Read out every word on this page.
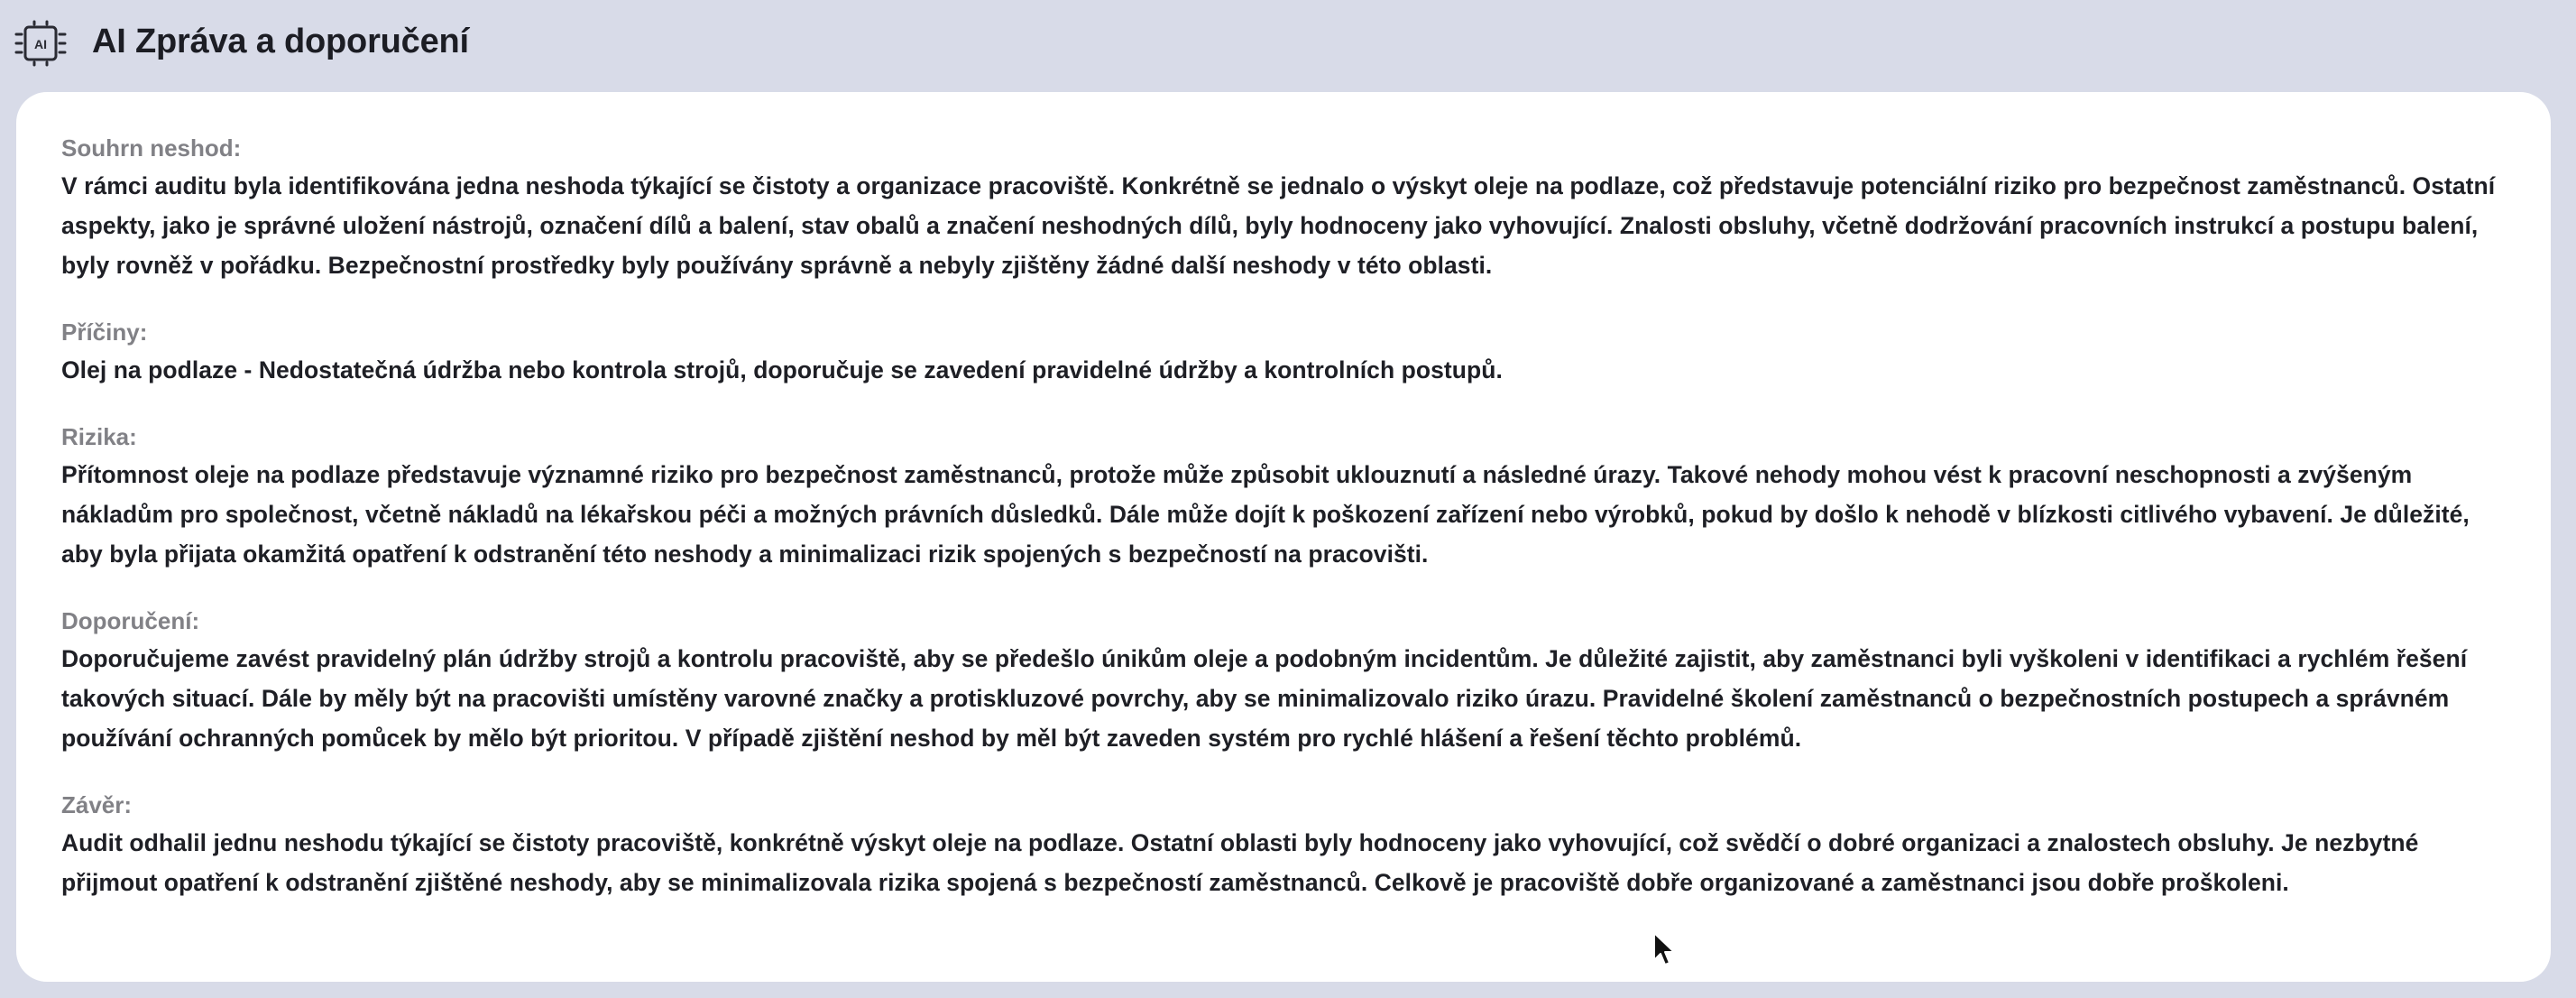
AI AI Zpráva a doporučení

Souhrn neshod:

V rámci auditu byla identifikována jedna neshoda týkající se čistoty a organizace pracoviště. Konkrétně se jednalo o výskyt oleje na podlaze, což představuje potenciální riziko pro bezpečnost zaměstnanců. Ostatní aspekty, jako je správné uložení nástrojů, označení dílů a balení, stav obalů a značení neshodných dílů, byly hodnoceny jako vyhovující. Znalosti obsluhy, včetně dodržování pracovních instrukcí a postupu balení, byly rovněž v pořádku. Bezpečnostní prostředky byly používány správně a nebyly zjištěny žádné další neshody v této oblasti.

Příčiny:

Olej na podlaze - Nedostatečná údržba nebo kontrola strojů, doporučuje se zavedení pravidelné údržby a kontrolních postupů.

Rizika:

Přítomnost oleje na podlaze představuje významné riziko pro bezpečnost zaměstnanců, protože může způsobit uklouznutí a následné úrazy. Takové nehody mohou vést k pracovní neschopnosti a zvýšeným nákladům pro společnost, včetně nákladů na lékařskou péči a možných právních důsledků. Dále může dojít k poškození zařízení nebo výrobků, pokud by došlo k nehodě v blízkosti citlivého vybavení. Je důležité, aby byla přijata okamžitá opatření k odstranění této neshody a minimalizaci rizik spojených s bezpečností na pracovišti.

Doporučení:

Doporučujeme zavést pravidelný plán údržby strojů a kontrolu pracoviště, aby se předešlo únikům oleje a podobným incidentům. Je důležité zajistit, aby zaměstnanci byli vyškoleni v identifikaci a rychlém řešení takových situací. Dále by měly být na pracovišti umístěny varovné značky a protiskluzové povrchy, aby se minimalizovalo riziko úrazu. Pravidelné školení zaměstnanců o bezpečnostních postupech a správném používání ochranných pomůcek by mělo být prioritou. V případě zjištění neshod by měl být zaveden systém pro rychlé hlášení a řešení těchto problémů.

Závěr:

Audit odhalil jednu neshodu týkající se čistoty pracoviště, konkrétně výskyt oleje na podlaze. Ostatní oblasti byly hodnoceny jako vyhovující, což svědčí o dobré organizaci a znalostech obsluhy. Je nezbytné přijmout opatření k odstranění zjištěné neshody, aby se minimalizovala rizika spojená s bezpečností zaměstnanců. Celkově je pracoviště dobře organizované a zaměstnanci jsou dobře proškoleni.
